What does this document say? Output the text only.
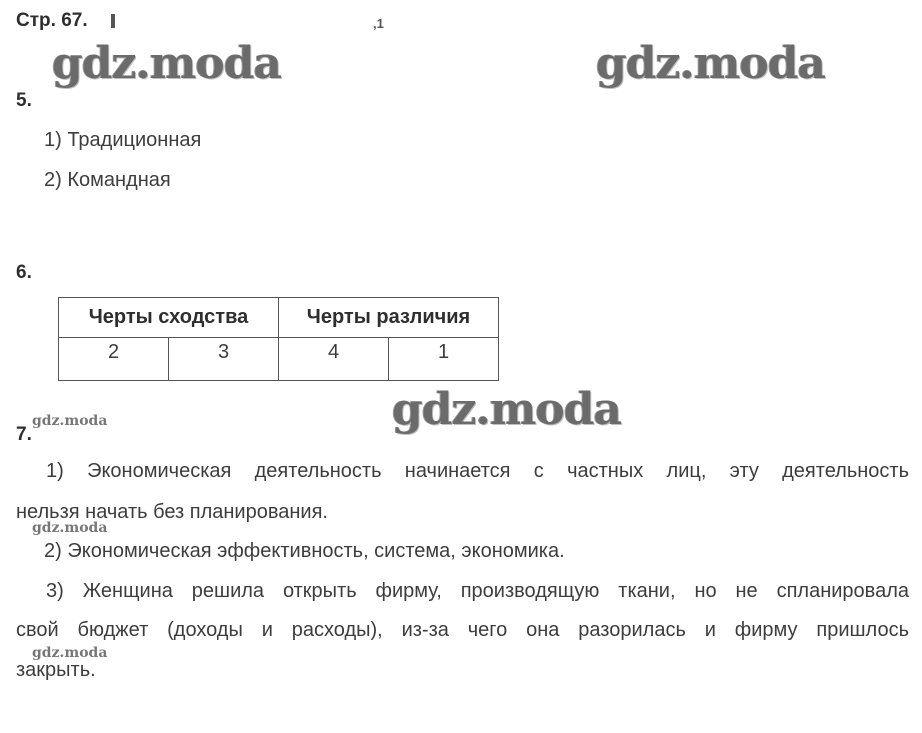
Стр. 67.	,1
gdz.moda	gdz.moda
gdz.moda
gdz.moda
gdz.moda
gdz.moda
5.
1) Традиционная
2) Командная
6.
Черты сходства		Черты различия	
2	3	4	1
7.
1) Экономическая деятельность начинается с частных лиц, эту деятельность
нельзя начать без планирования.
2) Экономическая эффективность, система, экономика.
3) Женщина решила открыть фирму, производящую ткани, но не спланировала
свой бюджет (доходы и расходы), из-за чего она разорилась и фирму пришлось
закрыть.
